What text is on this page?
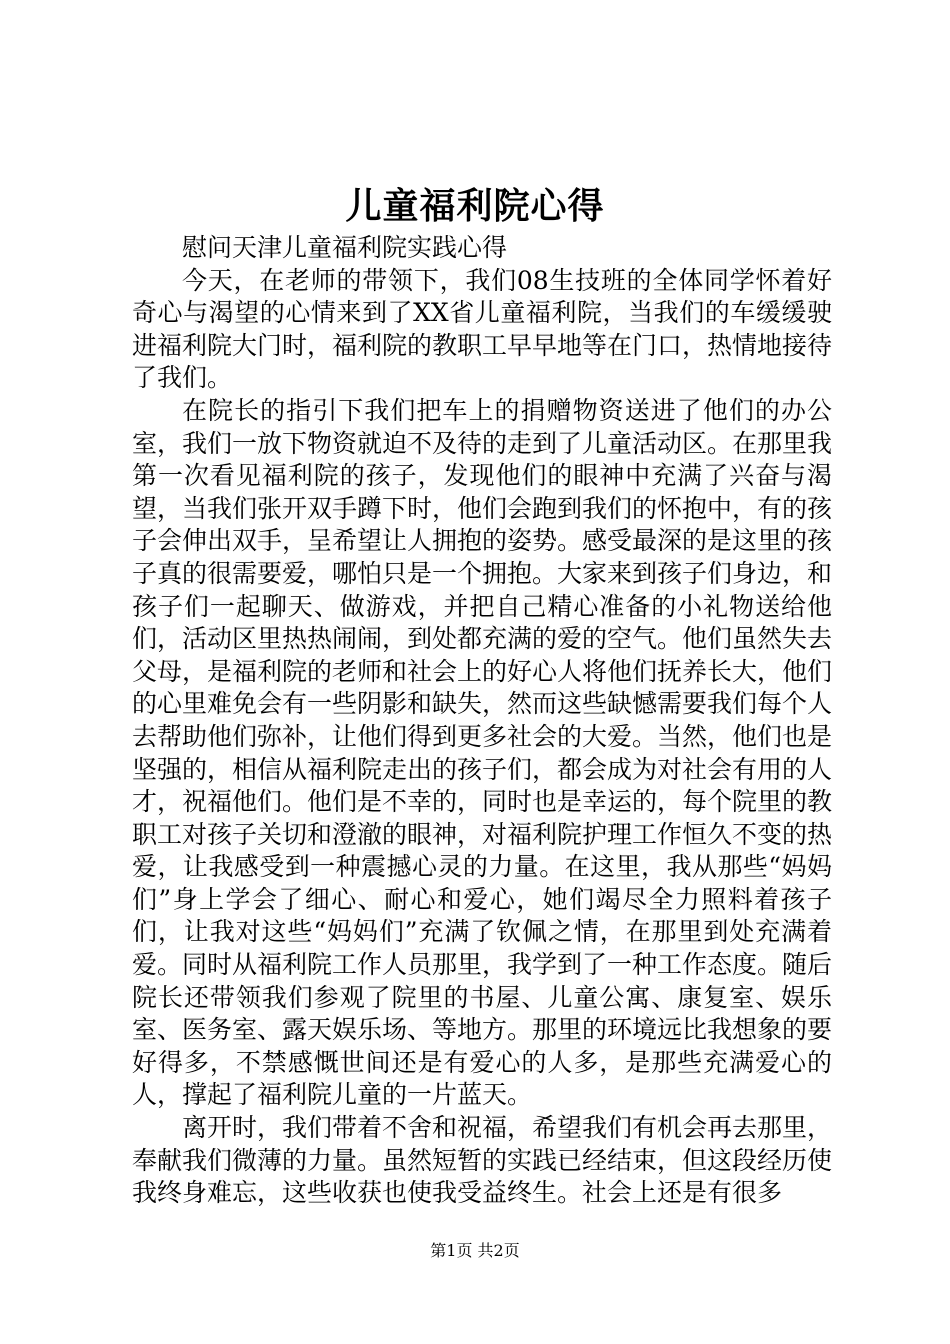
儿童福利院心得

慰问天津儿童福利院实践心得

今天，在老师的带领下，我们08生技班的全体同学怀着好奇心与渴望的心情来到了XX省儿童福利院，当我们的车缓缓驶进福利院大门时，福利院的教职工早早地等在门口，热情地接待了我们。

在院长的指引下我们把车上的捐赠物资送进了他们的办公室，我们一放下物资就迫不及待的走到了儿童活动区。在那里我第一次看见福利院的孩子，发现他们的眼神中充满了兴奋与渴望，当我们张开双手蹲下时，他们会跑到我们的怀抱中，有的孩子会伸出双手，呈希望让人拥抱的姿势。感受最深的是这里的孩子真的很需要爱，哪怕只是一个拥抱。大家来到孩子们身边，和孩子们一起聊天、做游戏，并把自己精心准备的小礼物送给他们，活动区里热热闹闹，到处都充满的爱的空气。他们虽然失去父母，是福利院的老师和社会上的好心人将他们抚养长大，他们的心里难免会有一些阴影和缺失，然而这些缺憾需要我们每个人去帮助他们弥补，让他们得到更多社会的大爱。当然，他们也是坚强的，相信从福利院走出的孩子们，都会成为对社会有用的人才，祝福他们。他们是不幸的，同时也是幸运的，每个院里的教职工对孩子关切和澄澈的眼神，对福利院护理工作恒久不变的热爱，让我感受到一种震撼心灵的力量。在这里，我从那些“妈妈们”身上学会了细心、耐心和爱心，她们竭尽全力照料着孩子们，让我对这些“妈妈们”充满了钦佩之情，在那里到处充满着爱。同时从福利院工作人员那里，我学到了一种工作态度。随后院长还带领我们参观了院里的书屋、儿童公寓、康复室、娱乐室、医务室、露天娱乐场、等地方。那里的环境远比我想象的要好得多，不禁感慨世间还是有爱心的人多，是那些充满爱心的人，撑起了福利院儿童的一片蓝天。

离开时，我们带着不舍和祝福，希望我们有机会再去那里，奉献我们微薄的力量。虽然短暂的实践已经结束，但这段经历使我终身难忘，这些收获也使我受益终生。社会上还是有很多

第1页 共2页
